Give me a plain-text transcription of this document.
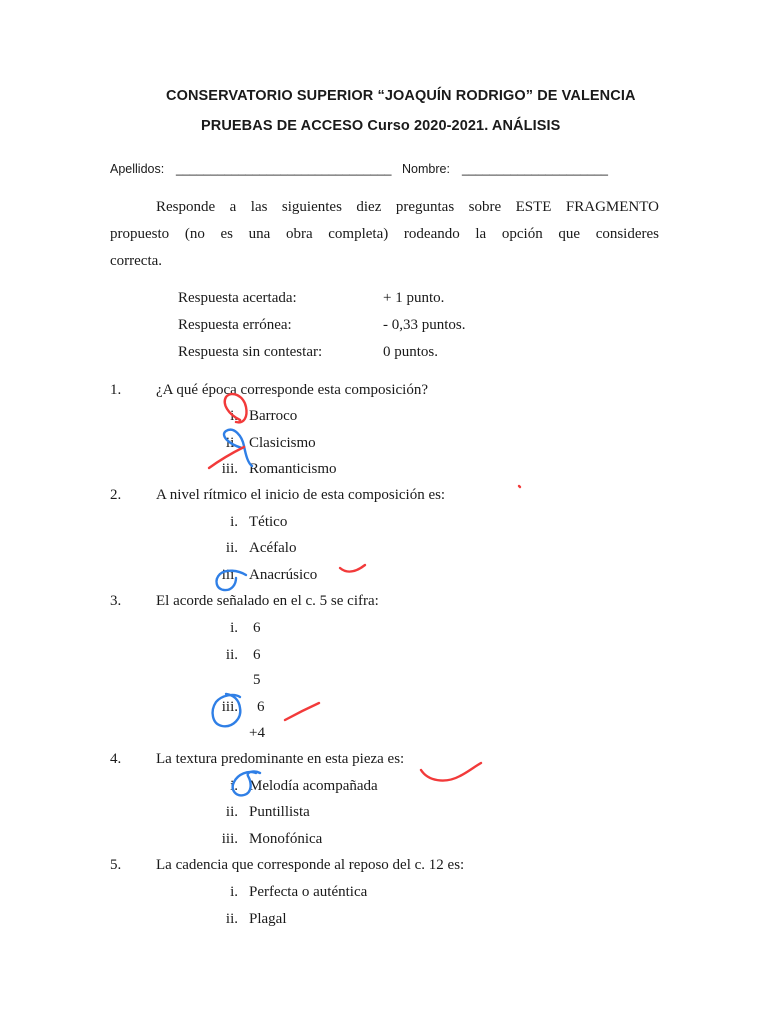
CONSERVATORIO SUPERIOR “JOAQUÍN RODRIGO” DE VALENCIA
PRUEBAS DE ACCESO Curso 2020-2021. ANÁLISIS
Apellidos: _______________________________ Nombre: _____________________
Responde a las siguientes diez preguntas sobre ESTE FRAGMENTO
propuesto (no es una obra completa) rodeando la opción que consideres
correcta.
Respuesta acertada:	+ 1 punto.
Respuesta errónea:	- 0,33 puntos.
Respuesta sin contestar:	0 puntos.
1. ¿A qué época corresponde esta composición?
i. Barroco
ii. Clasicismo
iii. Romanticismo
2. A nivel rítmico el inicio de esta composición es:
i. Tético
ii. Acéfalo
iii. Anacrúsico
3. El acorde señalado en el c. 5 se cifra:
i. 6
ii. 6
5
iii. 6
+4
4. La textura predominante en esta pieza es:
i. Melodía acompañada
ii. Puntillista
iii. Monofónica
5. La cadencia que corresponde al reposo del c. 12 es:
i. Perfecta o auténtica
ii. Plagal
